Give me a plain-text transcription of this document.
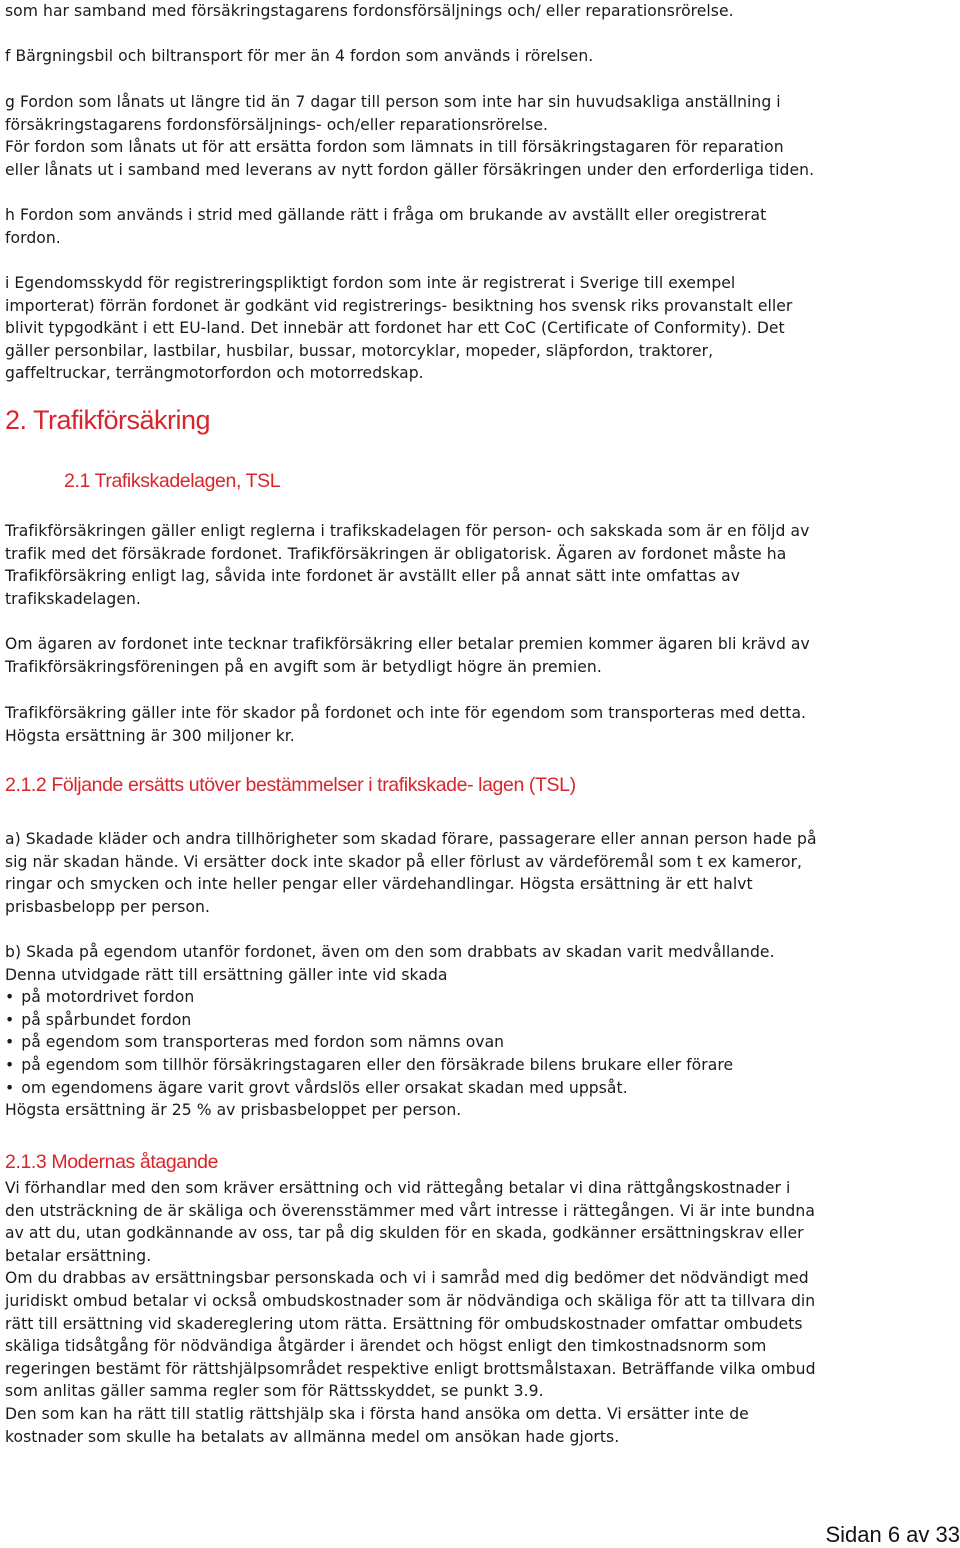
som har samband med försäkringstagarens fordonsförsäljnings och/ eller reparationsrörelse.
f Bärgningsbil och biltransport för mer än 4 fordon som används i rörelsen.
g Fordon som lånats ut längre tid än 7 dagar till person som inte har sin huvudsakliga anställning i
försäkringstagarens fordonsförsäljnings- och/eller reparationsrörelse.
För fordon som lånats ut för att ersätta fordon som lämnats in till försäkringstagaren för reparation
eller lånats ut i samband med leverans av nytt fordon gäller försäkringen under den erforderliga tiden.
h Fordon som används i strid med gällande rätt i fråga om brukande av avställt eller oregistrerat
fordon.
i Egendomsskydd för registreringspliktigt fordon som inte är registrerat i Sverige till exempel
importerat) förrän fordonet är godkänt vid registrerings- besiktning hos svensk riks provanstalt eller
blivit typgodkänt i ett EU-land. Det innebär att fordonet har ett CoC (Certificate of Conformity). Det
gäller personbilar, lastbilar, husbilar, bussar, motorcyklar, mopeder, släpfordon, traktorer,
gaffeltruckar, terrängmotorfordon och motorredskap.
2. Trafikförsäkring
2.1 Trafikskadelagen, TSL
Trafikförsäkringen gäller enligt reglerna i trafikskadelagen för person- och sakskada som är en följd av
trafik med det försäkrade fordonet. Trafikförsäkringen är obligatorisk. Ägaren av fordonet måste ha
Trafikförsäkring enligt lag, såvida inte fordonet är avställt eller på annat sätt inte omfattas av
trafikskadelagen.
Om ägaren av fordonet inte tecknar trafikförsäkring eller betalar premien kommer ägaren bli krävd av
Trafikförsäkringsföreningen på en avgift som är betydligt högre än premien.
Trafikförsäkring gäller inte för skador på fordonet och inte för egendom som transporteras med detta.
Högsta ersättning är 300 miljoner kr.
2.1.2 Följande ersätts utöver bestämmelser i trafikskade- lagen (TSL)
a) Skadade kläder och andra tillhörigheter som skadad förare, passagerare eller annan person hade på
sig när skadan hände. Vi ersätter dock inte skador på eller förlust av värdeföremål som t ex kameror,
ringar och smycken och inte heller pengar eller värdehandlingar. Högsta ersättning är ett halvt
prisbasbelopp per person.
b) Skada på egendom utanför fordonet, även om den som drabbats av skadan varit medvållande.
Denna utvidgade rätt till ersättning gäller inte vid skada
• på motordrivet fordon
• på spårbundet fordon
• på egendom som transporteras med fordon som nämns ovan
• på egendom som tillhör försäkringstagaren eller den försäkrade bilens brukare eller förare
• om egendomens ägare varit grovt vårdslös eller orsakat skadan med uppsåt.
Högsta ersättning är 25 % av prisbasbeloppet per person.
2.1.3 Modernas åtagande
Vi förhandlar med den som kräver ersättning och vid rättegång betalar vi dina rättgångskostnader i
den utsträckning de är skäliga och överensstämmer med vårt intresse i rättegången. Vi är inte bundna
av att du, utan godkännande av oss, tar på dig skulden för en skada, godkänner ersättningskrav eller
betalar ersättning.
Om du drabbas av ersättningsbar personskada och vi i samråd med dig bedömer det nödvändigt med
juridiskt ombud betalar vi också ombudskostnader som är nödvändiga och skäliga för att ta tillvara din
rätt till ersättning vid skadereglering utom rätta. Ersättning för ombudskostnader omfattar ombudets
skäliga tidsåtgång för nödvändiga åtgärder i ärendet och högst enligt den timkostnadsnorm som
regeringen bestämt för rättshjälpsområdet respektive enligt brottsmålstaxan. Beträffande vilka ombud
som anlitas gäller samma regler som för Rättsskyddet, se punkt 3.9.
Den som kan ha rätt till statlig rättshjälp ska i första hand ansöka om detta. Vi ersätter inte de
kostnader som skulle ha betalats av allmänna medel om ansökan hade gjorts.
Sidan 6 av 33
